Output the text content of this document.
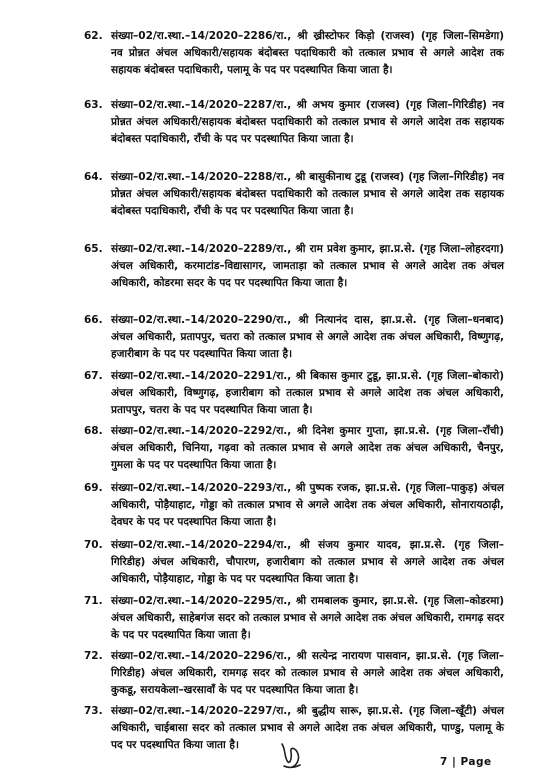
62. संख्या–02/रा.स्था.–14/2020–2286/रा., श्री ख्रीस्टोफर किड़ो (राजस्व) (गृह जिला–सिमडेगा) नव प्रोन्नत अंचल अधिकारी/सहायक बंदोबस्त पदाधिकारी को तत्काल प्रभाव से अगले आदेश तक सहायक बंदोबस्त पदाधिकारी, पलामू के पद पर पदस्थापित किया जाता है।
63. संख्या–02/रा.स्था.–14/2020–2287/रा., श्री अभय कुमार (राजस्व) (गृह जिला–गिरिडीह) नव प्रोन्नत अंचल अधिकारी/सहायक बंदोबस्त पदाधिकारी को तत्काल प्रभाव से अगले आदेश तक सहायक बंदोबस्त पदाधिकारी, राँची के पद पर पदस्थापित किया जाता है।
64. संख्या–02/रा.स्था.–14/2020–2288/रा., श्री बासुकीनाथ टुडू (राजस्व) (गृह जिला–गिरिडीह) नव प्रोन्नत अंचल अधिकारी/सहायक बंदोबस्त पदाधिकारी को तत्काल प्रभाव से अगले आदेश तक सहायक बंदोबस्त पदाधिकारी, राँची के पद पर पदस्थापित किया जाता है।
65. संख्या–02/रा.स्था.–14/2020–2289/रा., श्री राम प्रवेश कुमार, झा.प्र.से. (गृह जिला–लोहरदगा) अंचल अधिकारी, करमाटांड–विद्यासागर, जामताड़ा को तत्काल प्रभाव से अगले आदेश तक अंचल अधिकारी, कोडरमा सदर के पद पर पदस्थापित किया जाता है।
66. संख्या–02/रा.स्था.–14/2020–2290/रा., श्री नित्यानंद दास, झा.प्र.से. (गृह जिला–धनबाद) अंचल अधिकारी, प्रतापपुर, चतरा को तत्काल प्रभाव से अगले आदेश तक अंचल अधिकारी, विष्णुगढ़, हजारीबाग के पद पर पदस्थापित किया जाता है।
67. संख्या–02/रा.स्था.–14/2020–2291/रा., श्री बिकास कुमार टुडू, झा.प्र.से. (गृह जिला–बोकारो) अंचल अधिकारी, विष्णुगढ़, हजारीबाग को तत्काल प्रभाव से अगले आदेश तक अंचल अधिकारी, प्रतापपुर, चतरा के पद पर पदस्थापित किया जाता है।
68. संख्या–02/रा.स्था.–14/2020–2292/रा., श्री दिनेश कुमार गुप्ता, झा.प्र.से. (गृह जिला–राँची) अंचल अधिकारी, चिनिया, गढ़वा को तत्काल प्रभाव से अगले आदेश तक अंचल अधिकारी, चैनपुर, गुमला के पद पर पदस्थापित किया जाता है।
69. संख्या–02/रा.स्था.–14/2020–2293/रा., श्री पुष्पक रजक, झा.प्र.से. (गृह जिला–पाकुड़) अंचल अधिकारी, पोड़ैयाहाट, गोड्डा को तत्काल प्रभाव से अगले आदेश तक अंचल अधिकारी, सोनारायठाढ़ी, देवघर के पद पर पदस्थापित किया जाता है।
70. संख्या–02/रा.स्था.–14/2020–2294/रा., श्री संजय कुमार यादव, झा.प्र.से. (गृह जिला–गिरिडीह) अंचल अधिकारी, चौपारण, हजारीबाग को तत्काल प्रभाव से अगले आदेश तक अंचल अधिकारी, पोड़ैयाहाट, गोड्डा के पद पर पदस्थापित किया जाता है।
71. संख्या–02/रा.स्था.–14/2020–2295/रा., श्री रामबालक कुमार, झा.प्र.से. (गृह जिला–कोडरमा) अंचल अधिकारी, साहेबगंज सदर को तत्काल प्रभाव से अगले आदेश तक अंचल अधिकारी, रामगढ़ सदर के पद पर पदस्थापित किया जाता है।
72. संख्या–02/रा.स्था.–14/2020–2296/रा., श्री सत्येन्द्र नारायण पासवान, झा.प्र.से. (गृह जिला–गिरिडीह) अंचल अधिकारी, रामगढ़ सदर को तत्काल प्रभाव से अगले आदेश तक अंचल अधिकारी, कुकडू, सरायकेला–खरसावाँ के पद पर पदस्थापित किया जाता है।
73. संख्या–02/रा.स्था.–14/2020–2297/रा., श्री बुद्धीय सारू, झा.प्र.से. (गृह जिला–खूँटी) अंचल अधिकारी, चाईबासा सदर को तत्काल प्रभाव से अगले आदेश तक अंचल अधिकारी, पाण्डु, पलामू के पद पर पदस्थापित किया जाता है।
7 | Page
